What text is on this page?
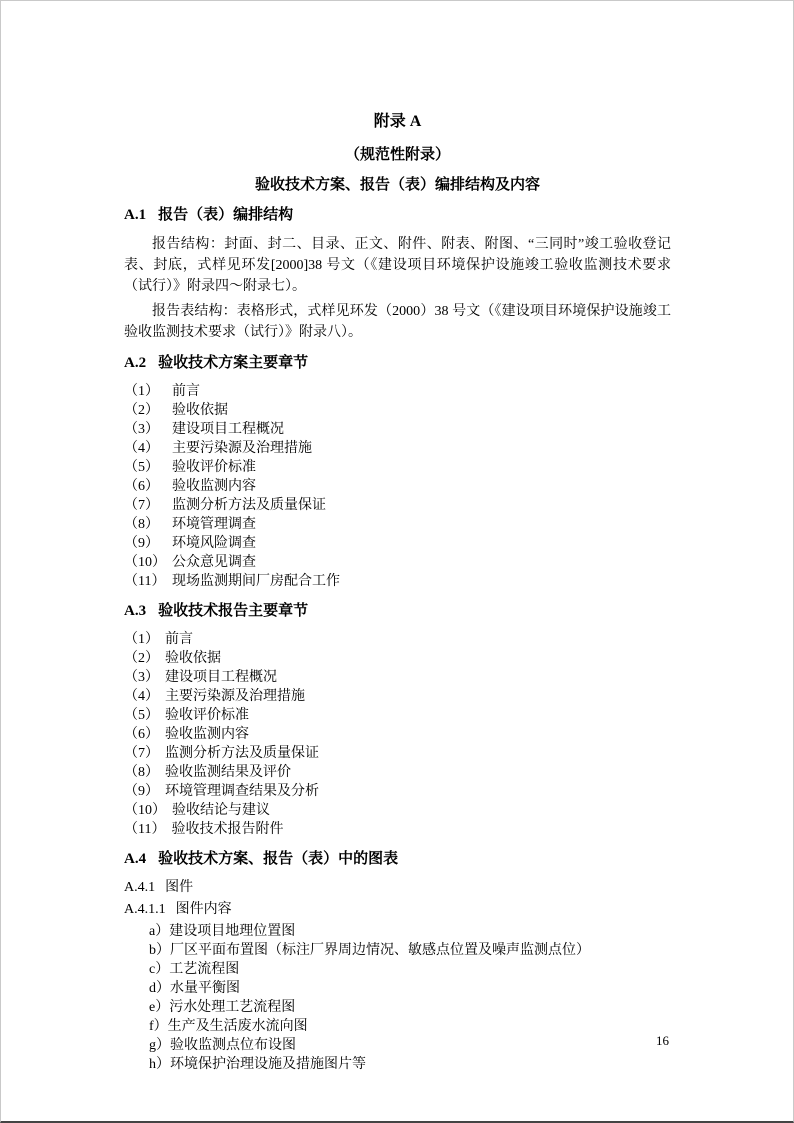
附录 A
（规范性附录）
验收技术方案、报告（表）编排结构及内容
A.1 报告（表）编排结构
报告结构：封面、封二、目录、正文、附件、附表、附图、“三同时”竣工验收登记表、封底，式样见环发[2000]38 号文（《建设项目环境保护设施竣工验收监测技术要求（试行）》附录四～附录七）。
报告表结构：表格形式，式样见环发（2000）38 号文（《建设项目环境保护设施竣工验收监测技术要求（试行）》附录八）。
A.2 验收技术方案主要章节
（1） 前言
（2） 验收依据
（3） 建设项目工程概况
（4） 主要污染源及治理措施
（5） 验收评价标准
（6） 验收监测内容
（7） 监测分析方法及质量保证
（8） 环境管理调查
（9） 环境风险调查
（10） 公众意见调查
（11） 现场监测期间厂房配合工作
A.3 验收技术报告主要章节
（1） 前言
（2） 验收依据
（3） 建设项目工程概况
（4） 主要污染源及治理措施
（5） 验收评价标准
（6） 验收监测内容
（7） 监测分析方法及质量保证
（8） 验收监测结果及评价
（9） 环境管理调查结果及分析
（10） 验收结论与建议
（11） 验收技术报告附件
A.4 验收技术方案、报告（表）中的图表
A.4.1 图件
A.4.1.1 图件内容
a）建设项目地理位置图
b）厂区平面布置图（标注厂界周边情况、敏感点位置及噪声监测点位）
c）工艺流程图
d）水量平衡图
e）污水处理工艺流程图
f）生产及生活废水流向图
g）验收监测点位布设图
h）环境保护治理设施及措施图片等
16
